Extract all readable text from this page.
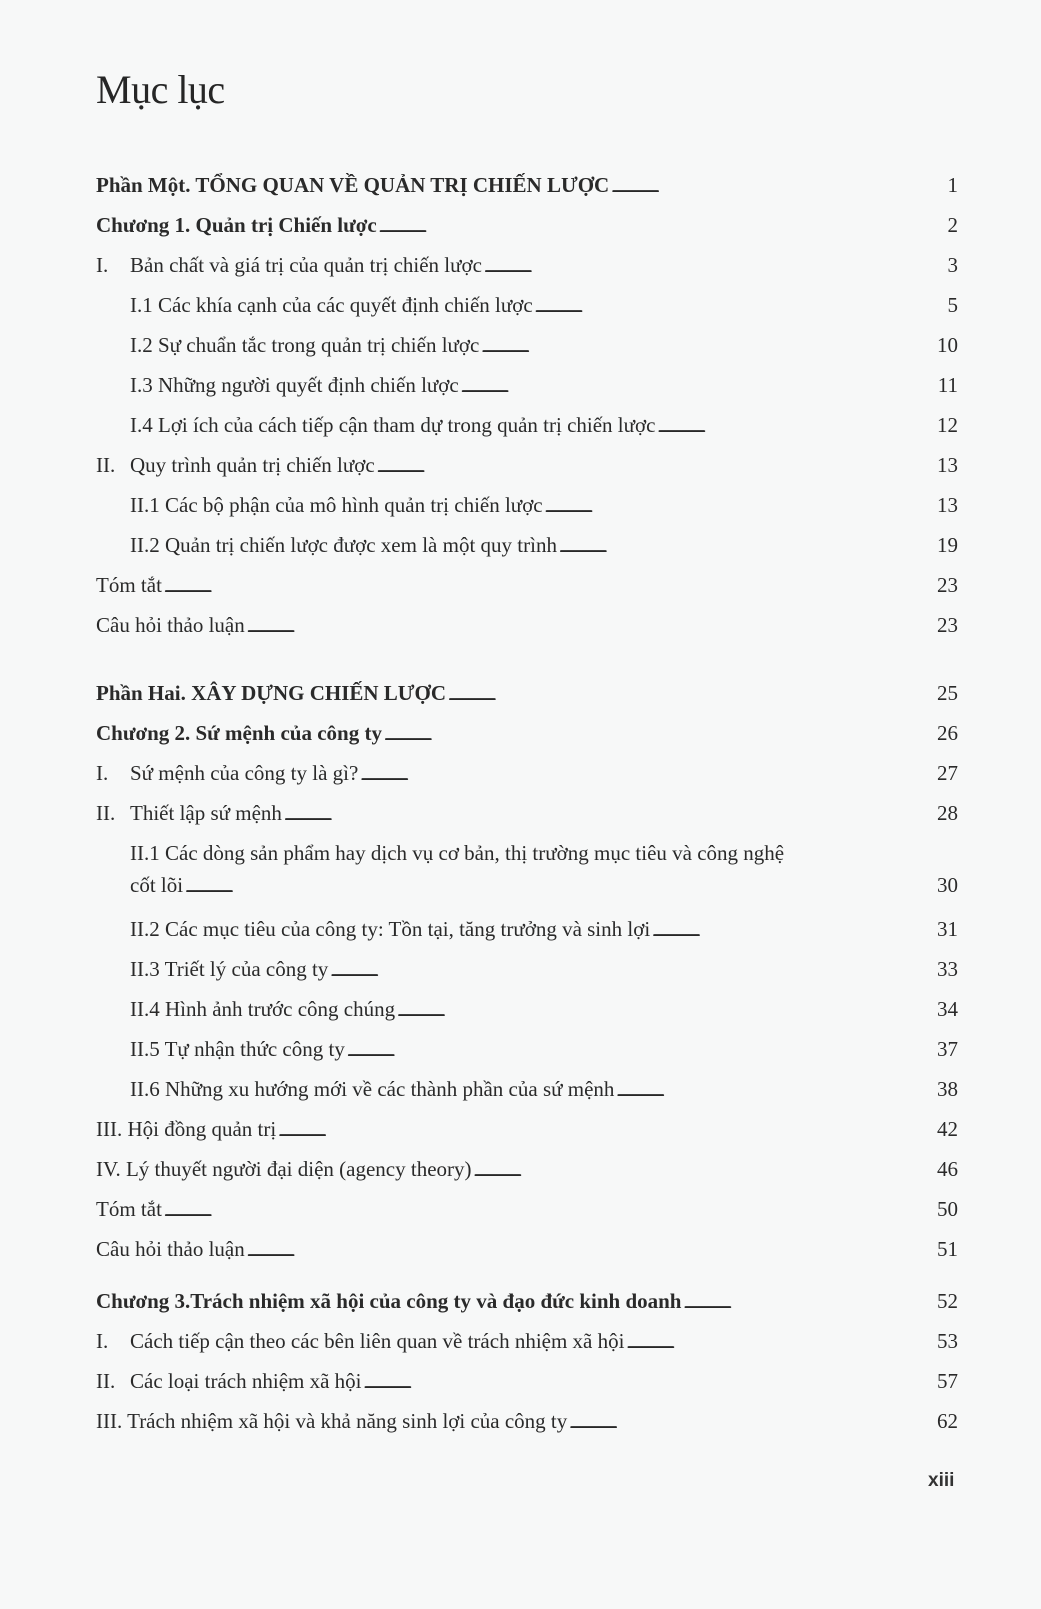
Mục lục
Phần Một. TỔNG QUAN VỀ QUẢN TRỊ CHIẾN LƯỢC . . .	1
Chương 1. Quản trị Chiến lược . . .	2
I.	Bản chất và giá trị của quản trị chiến lược . . .	3
I.1 Các khía cạnh của các quyết định chiến lược . . .	5
I.2 Sự chuẩn tắc trong quản trị chiến lược . . .	10
I.3 Những người quyết định chiến lược . . .	11
I.4 Lợi ích của cách tiếp cận tham dự trong quản trị chiến lược . . .	12
II. Quy trình quản trị chiến lược . . .	13
II.1 Các bộ phận của mô hình quản trị chiến lược . . .	13
II.2 Quản trị chiến lược được xem là một quy trình . . .	19
Tóm tắt . . .	23
Câu hỏi thảo luận . . .	23
Phần Hai. XÂY DỰNG CHIẾN LƯỢC . . .	25
Chương 2. Sứ mệnh của công ty . . .	26
I.	Sứ mệnh của công ty là gì? . . .	27
II. Thiết lập sứ mệnh . . .	28
II.1 Các dòng sản phẩm hay dịch vụ cơ bản, thị trường mục tiêu và công nghệ
cốt lõi . . .	30
II.2 Các mục tiêu của công ty: Tồn tại, tăng trưởng và sinh lợi . . .	31
II.3 Triết lý của công ty . . .	33
II.4 Hình ảnh trước công chúng . . .	34
II.5 Tự nhận thức công ty . . .	37
II.6 Những xu hướng mới về các thành phần của sứ mệnh . . .	38
III. Hội đồng quản trị . . .	42
IV. Lý thuyết người đại diện (agency theory) . . .	46
Tóm tắt . . .	50
Câu hỏi thảo luận . . .	51
Chương 3.Trách nhiệm xã hội của công ty và đạo đức kinh doanh . . .	52
I.	Cách tiếp cận theo các bên liên quan về trách nhiệm xã hội . . .	53
II. Các loại trách nhiệm xã hội . . .	57
III. Trách nhiệm xã hội và khả năng sinh lợi của công ty . . .	62
xiii
